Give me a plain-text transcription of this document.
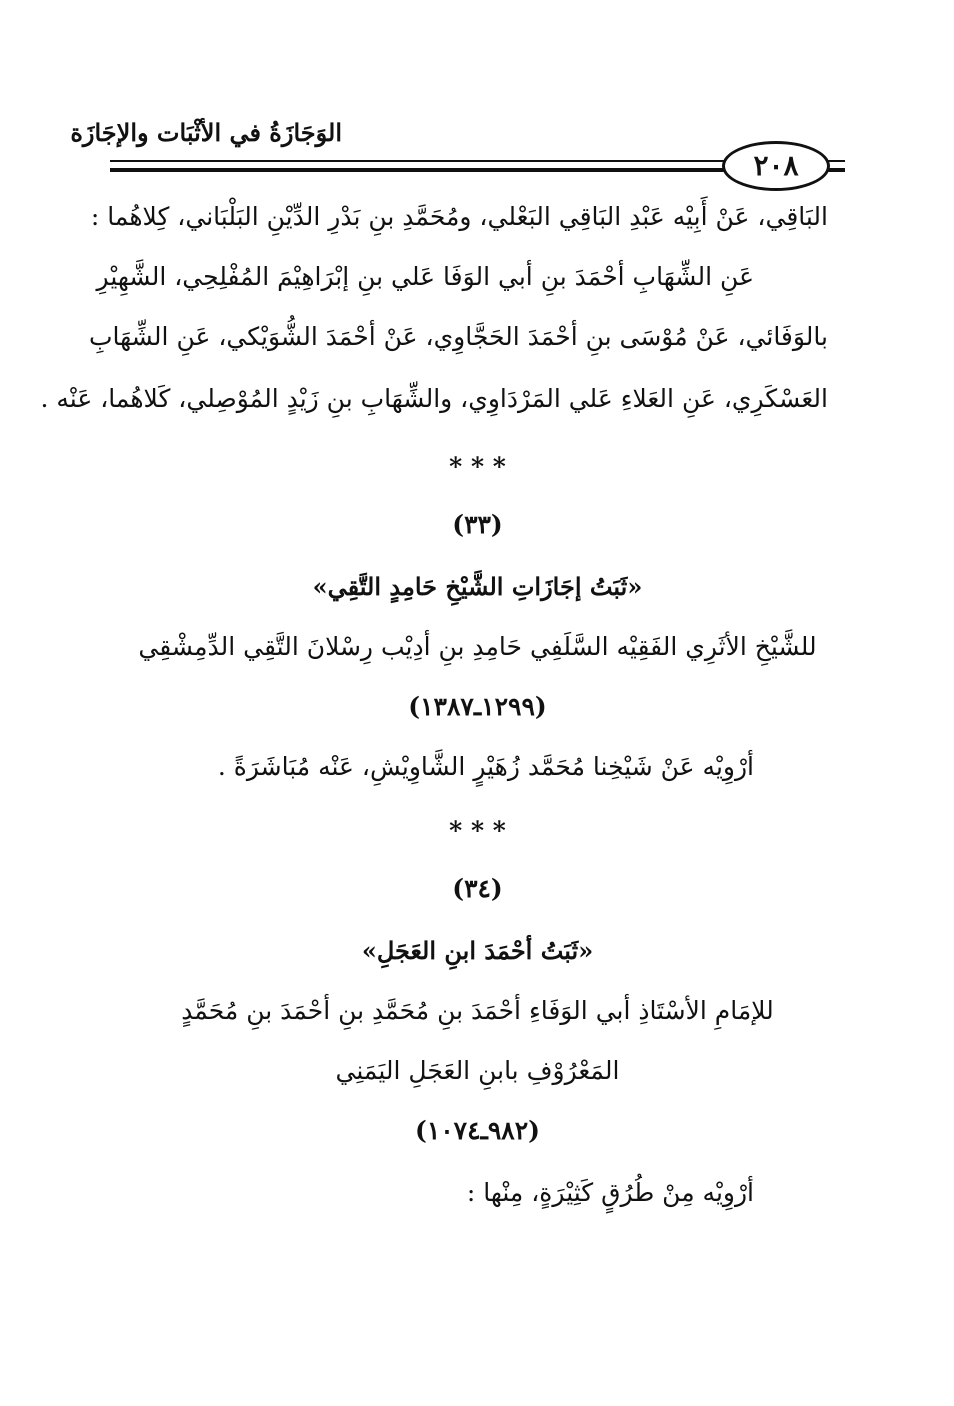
الوَجَازَةُ في الأثْبَات والإجَازَة
٢٠٨
البَاقِي، عَنْ أَبِيْه عَبْدِ البَاقِي البَعْلي، ومُحَمَّدِ بنِ بَدْرِ الدِّيْنِ البَلْبَاني، كِلاهُما :
عَنِ الشِّهَابِ أحْمَدَ بنِ أبي الوَفَا عَلي بنِ إبْرَاهِيْمَ المُفْلِحِي، الشَّهِيْرِ
بالوَفَائي، عَنْ مُوْسَى بنِ أحْمَدَ الحَجَّاوِي، عَنْ أحْمَدَ الشُّوَيْكي، عَنِ الشِّهَابِ
العَسْكَرِي، عَنِ العَلاءِ عَلي المَرْدَاوِي، والشِّهَابِ بنِ زَيْدٍ المُوْصِلي، كَلاهُما، عَنْه .
* * *
(٣٣)
«ثَبَتُ إجَازَاتِ الشَّيْخِ حَامِدٍ التَّقِي»
للشَّيْخِ الأثَرِي الفَقِيْه السَّلَفِي حَامِدِ بنِ أدِيْب رِسْلانَ التَّقِي الدِّمِشْقِي
(١٢٩٩ـ١٣٨٧)
أرْوِيْه عَنْ شَيْخِنا مُحَمَّد زُهَيْرٍ الشَّاوِيْشِ، عَنْه مُبَاشَرَةً .
* * *
(٣٤)
«ثَبَتُ أحْمَدَ ابنِ العَجَلِ»
للإمَامِ الأسْتَاذِ أبي الوَفَاءِ أحْمَدَ بنِ مُحَمَّدِ بنِ أحْمَدَ بنِ مُحَمَّدٍ
المَعْرُوْفِ بابنِ العَجَلِ اليَمَنِي
(٩٨٢ـ١٠٧٤)
أرْوِيْه مِنْ طُرُقٍ كَثِيْرَةٍ، مِنْها :
